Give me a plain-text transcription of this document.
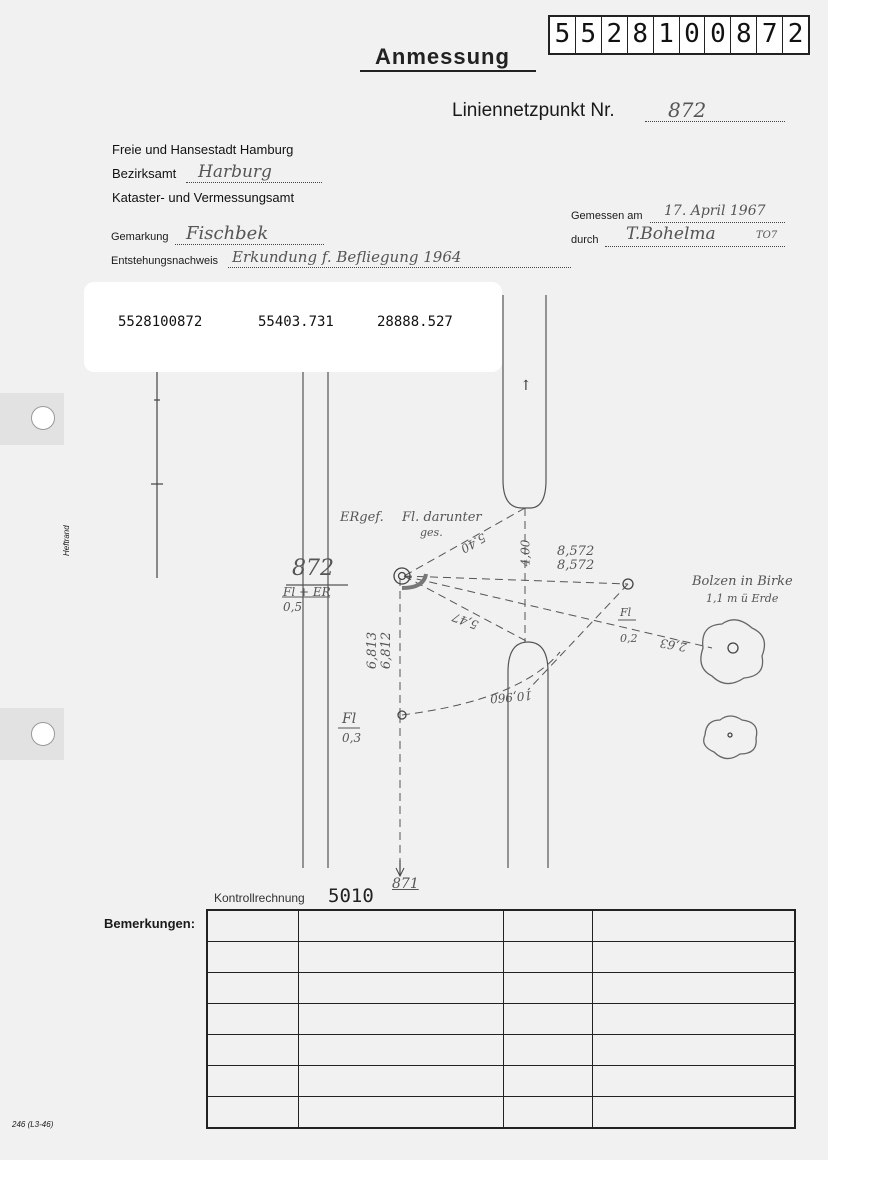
5 5 2 8 1 0 0 8 7 2
Anmessung
Liniennetzpunkt Nr.	872
Freie und Hansestadt Hamburg
Bezirksamt Harburg
Kataster- und Vermessungsamt
Gemarkung Fischbek
Entstehungsnachweis Erkundung f. Befliegung 1964
Gemessen am 17. April 1967
durch T.Bohelma	TO7
↑
ERgef. Fl. darunter
ges. 5.40 4,00 8,572
8,572
5,47
6,813 6,812
10,960
2,63
872
Fl + ER
0,5	Fl
0,2
Fl
0,3
Bolzen in Birke
1,1 m ü Erde
5528100872	55403.731	28888.527
Heftrand
246 (L3-46)
Kontrollrechnung 5010
871
Bemerkungen:
